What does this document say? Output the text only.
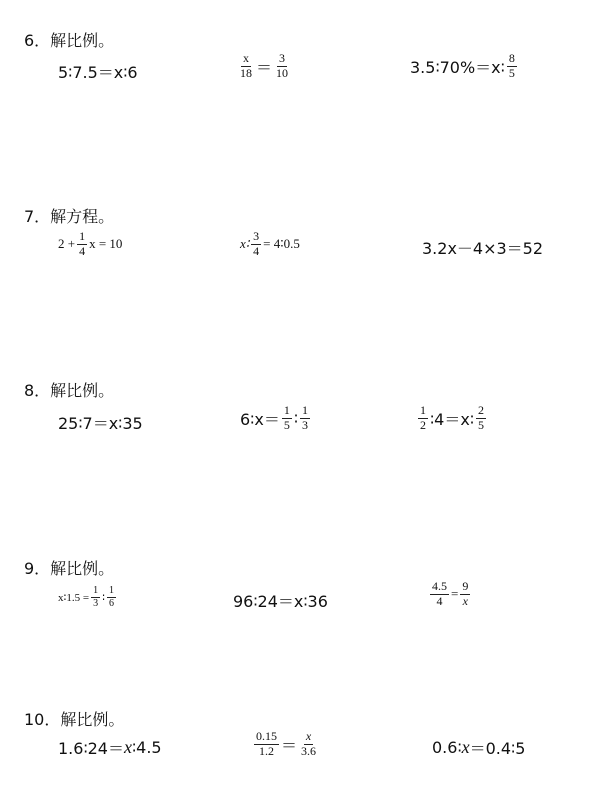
6．解比例。
5∶7.5＝x∶6	$\frac{x}{18} = \frac{3}{10}$	3.5∶70%＝x∶ $\frac{8}{5}$
7．解方程。
$2 + \frac{1}{4}$ x = 10	x∶ $\frac{3}{4}$ = 4∶0.5	3.2x－4×3＝52
8．解比例。
25∶7＝x∶35	6∶x＝ $\frac{1}{5}$ ∶ $\frac{1}{3}$	$\frac{1}{2}$ ∶4＝x∶ $\frac{2}{5}$
9．解比例。
x∶1.5 = $\frac{1}{3}$ ∶ $\frac{1}{6}$	96∶24＝x∶36	$\frac{4.5}{4} = \frac{9}{x}$
10．解比例。
1.6∶24＝ x ∶4.5	$\frac{0.15}{1.2} = \frac{x}{3.6}$	0.6∶ x ＝0.4∶5
